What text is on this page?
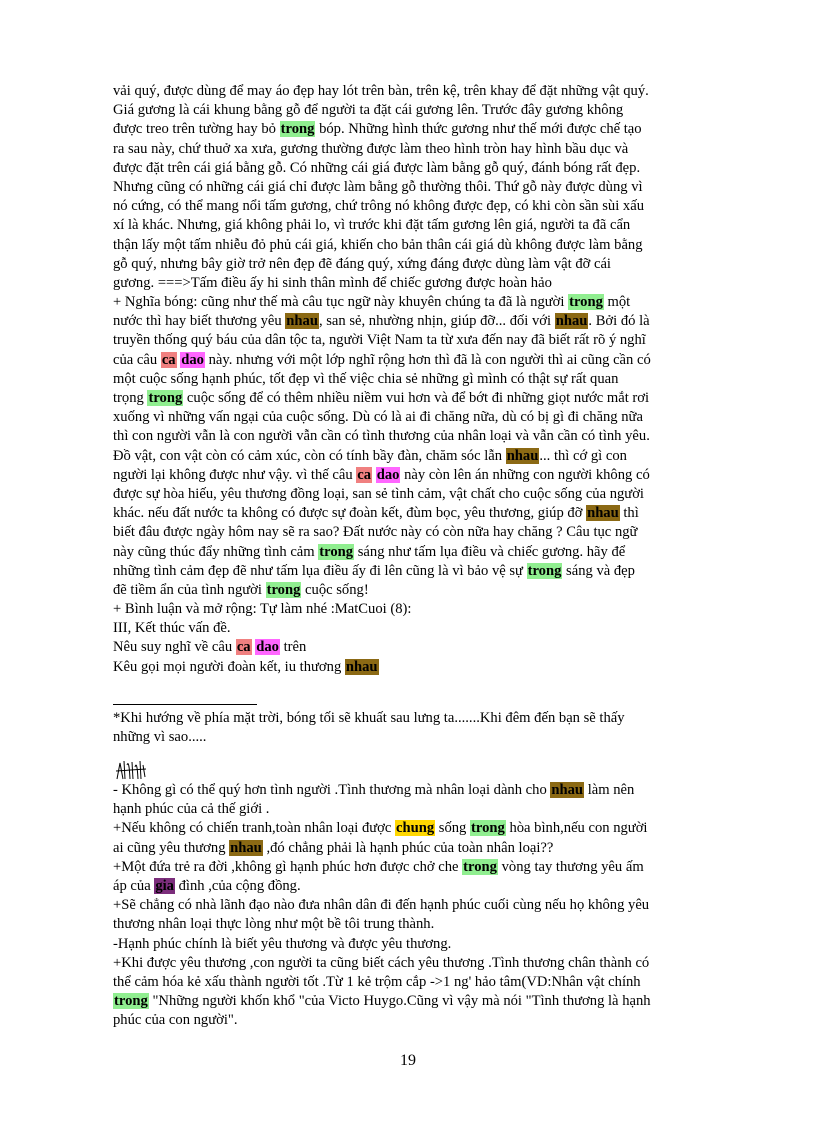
vải quý, được dùng để may áo đẹp hay lót trên bàn, trên kệ, trên khay để đặt những vật quý.
Giá gương là cái khung bằng gỗ để người ta đặt cái gương lên. Trước đây gương không
được treo trên tường hay bỏ trong bóp. Những hình thức gương như thế mới được chế tạo
ra sau này, chứ thuở xa xưa, gương thường được làm theo hình tròn hay hình bầu dục và
được đặt trên cái giá bằng gỗ. Có những cái giá được làm bằng gỗ quý, đánh bóng rất đẹp.
Nhưng cũng có những cái giá chỉ được làm bằng gỗ thường thôi. Thứ gỗ này được dùng vì
nó cứng, có thể mang nổi tấm gương, chứ trông nó không được đẹp, có khi còn sần sùi xấu
xí là khác. Nhưng, giá không phải lo, vì trước khi đặt tấm gương lên giá, người ta đã cẩn
thận lấy một tấm nhiễu đỏ phủ cái giá, khiến cho bản thân cái giá dù không được làm bằng
gỗ quý, nhưng bây giờ trở nên đẹp đẽ đáng quý, xứng đáng được dùng làm vật đỡ cái
gương. ===>Tấm điều ấy hi sinh thân mình để chiếc gương được hoàn hảo
+ Nghĩa bóng: cũng như thế mà câu tục ngữ này khuyên chúng ta đã là người trong một
nước thì hay biết thương yêu nhau, san sẻ, nhường nhịn, giúp đỡ... đối với nhau. Bởi đó là
truyền thống quý báu của dân tộc ta, người Việt Nam ta từ xưa đến nay đã biết rất rõ ý nghĩ
của câu ca dao này. nhưng với một lớp nghĩ rộng hơn thì đã là con người thì ai cũng cần có
một cuộc sống hạnh phúc, tốt đẹp vì thế việc chia sẻ những gì mình có thật sự rất quan
trọng trong cuộc sống để có thêm nhiều niềm vui hơn và để bớt đi những giọt nước mắt rơi
xuống vì những vấn ngại của cuộc sống. Dù có là ai đi chăng nữa, dù có bị gì đi chăng nữa
thì con người vẫn là con người vẫn cần có tình thương của nhân loại và vẫn cần có tình yêu.
Đồ vật, con vật còn có cảm xúc, còn có tính bầy đàn, chăm sóc lẫn nhau... thì cớ gì con
người lại không được như vậy. vì thế câu ca dao này còn lên án những con người không có
được sự hòa hiếu, yêu thương đồng loại, san sẻ tình cảm, vật chất cho cuộc sống của người
khác. nếu đất nước ta không có được sự đoàn kết, đùm bọc, yêu thương, giúp đỡ nhau thì
biết đâu được ngày hôm nay sẽ ra sao? Đất nước này có còn nữa hay chăng ? Câu tục ngữ
này cũng thúc đẩy những tình cảm trong sáng như tấm lụa điều và chiếc gương. hãy để
những tình cảm đẹp đẽ như tấm lụa điều ấy đi lên cũng là vì bảo vệ sự trong sáng và đẹp
đẽ tiềm ẩn của tình người trong cuộc sống!
+ Bình luận và mở rộng: Tự làm nhé :MatCuoi (8):
III, Kết thúc vấn đề.
Nêu suy nghĩ về câu ca dao trên
Kêu gọi mọi người đoàn kết, iu thương nhau
*Khi hướng về phía mặt trời, bóng tối sẽ khuất sau lưng ta.......Khi đêm đến bạn sẽ thấy
những vì sao.....
- Không gì có thể quý hơn tình người .Tình thương mà nhân loại dành cho nhau làm nên
hạnh phúc của cả thế giới .
+Nếu không có chiến tranh,toàn nhân loại được chung sống trong hòa bình,nếu con người
ai cũng yêu thương nhau ,đó chẳng phải là hạnh phúc của toàn nhân loại??
+Một đứa trẻ ra đời ,không gì hạnh phúc hơn được chở che trong vòng tay thương yêu ấm
áp của gia đình ,của cộng đồng.
+Sẽ chẳng có nhà lãnh đạo nào đưa nhân dân đi đến hạnh phúc cuối cùng nếu họ không yêu
thương nhân loại thực lòng như một bề tôi trung thành.
-Hạnh phúc chính là biết yêu thương và được yêu thương.
+Khi được yêu thương ,con người ta cũng biết cách yêu thương .Tình thương chân thành có
thể cảm hóa kẻ xấu thành người tốt .Từ 1 kẻ trộm cắp ->1 ng' hảo tâm(VD:Nhân vật chính
trong "Những người khốn khổ "của Victo Huygo.Cũng vì vậy mà nói "Tình thương là hạnh
phúc của con người".
19
